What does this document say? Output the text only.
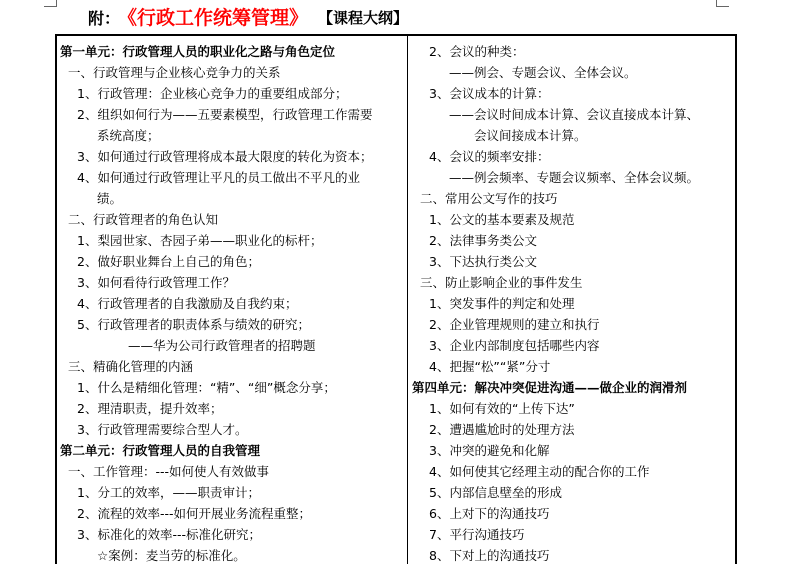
附：
《行政工作统筹管理》 【课程大纲】
第一单元：行政管理人员的职业化之路与角色定位
一、行政管理与企业核心竞争力的关系
1、行政管理：企业核心竞争力的重要组成部分；
2、组织如何行为——五要素模型，行政管理工作需要
系统高度；
3、如何通过行政管理将成本最大限度的转化为资本；
4、如何通过行政管理让平凡的员工做出不平凡的业
绩。
二、行政管理者的角色认知
1、梨园世家、杏园子弟——职业化的标杆；
2、做好职业舞台上自己的角色；
3、如何看待行政管理工作？
4、行政管理者的自我激励及自我约束；
5、行政管理者的职责体系与绩效的研究；
——华为公司行政管理者的招聘题
三、精确化管理的内涵
1、什么是精细化管理：“精”、“细”概念分享；
2、理清职责，提升效率；
3、行政管理需要综合型人才。
第二单元：行政管理人员的自我管理
一、工作管理：---如何使人有效做事
1、分工的效率，——职责审计；
2、流程的效率---如何开展业务流程重整；
3、标准化的效率---标准化研究；
☆案例：麦当劳的标准化。
2、会议的种类：
——例会、专题会议、全体会议。
3、会议成本的计算：
——会议时间成本计算、会议直接成本计算、
会议间接成本计算。
4、会议的频率安排：
——例会频率、专题会议频率、全体会议频。
二、常用公文写作的技巧
1、公文的基本要素及规范
2、法律事务类公文
3、下达执行类公文
三、防止影响企业的事件发生
1、突发事件的判定和处理
2、企业管理规则的建立和执行
3、企业内部制度包括哪些内容
4、把握“松”“紧”分寸
第四单元：解决冲突促进沟通——做企业的润滑剂
1、如何有效的“上传下达”
2、遭遇尴尬时的处理方法
3、冲突的避免和化解
4、如何使其它经理主动的配合你的工作
5、内部信息壁垒的形成
6、上对下的沟通技巧
7、平行沟通技巧
8、下对上的沟通技巧
